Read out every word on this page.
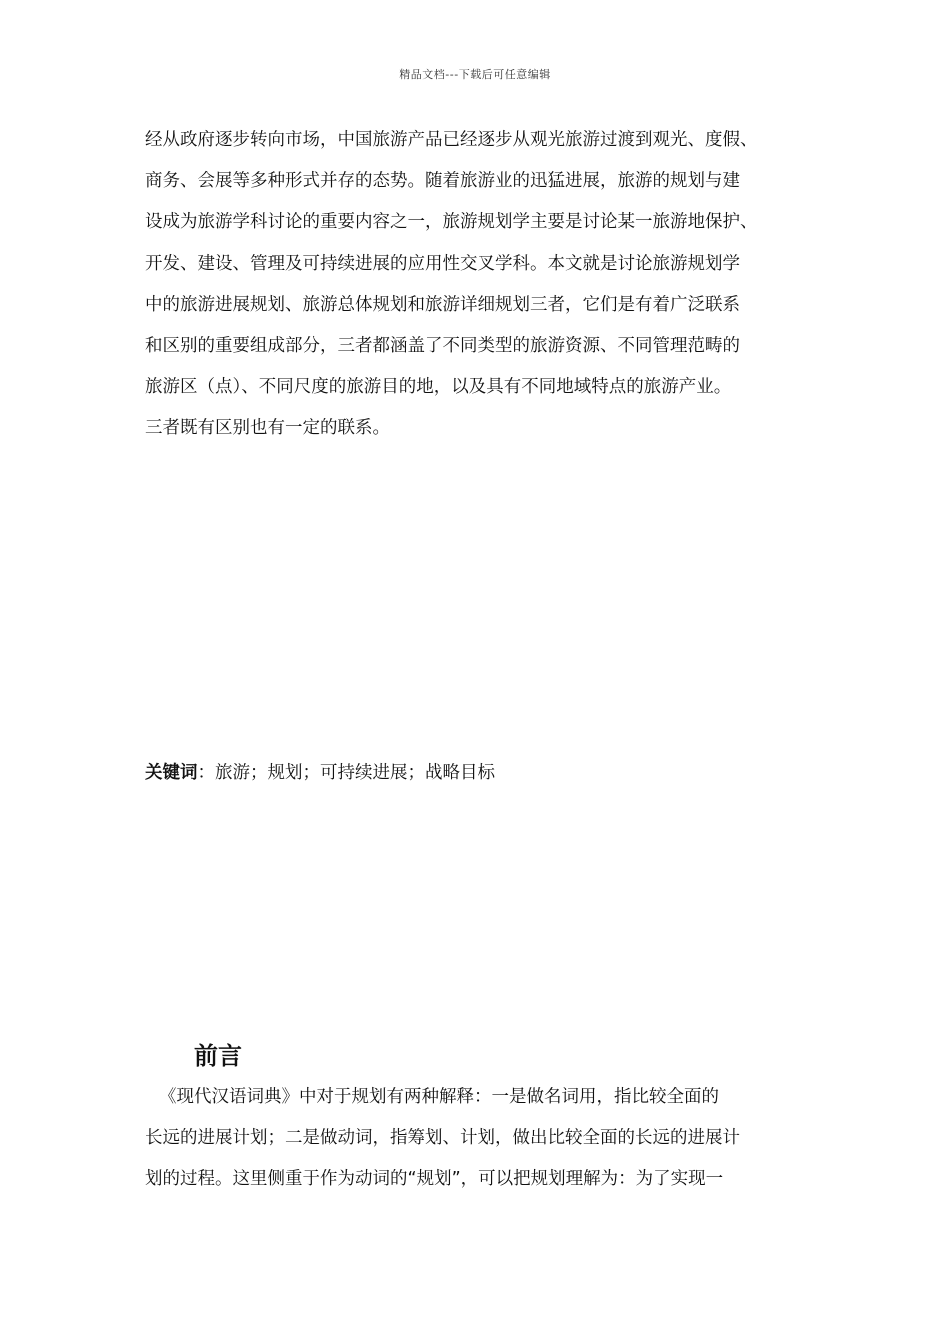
精品文档---下载后可任意编辑
经从政府逐步转向市场，中国旅游产品已经逐步从观光旅游过渡到观光、度假、
商务、会展等多种形式并存的态势。随着旅游业的迅猛进展，旅游的规划与建
设成为旅游学科讨论的重要内容之一，旅游规划学主要是讨论某一旅游地保护、
开发、建设、管理及可持续进展的应用性交叉学科。本文就是讨论旅游规划学
中的旅游进展规划、旅游总体规划和旅游详细规划三者，它们是有着广泛联系
和区别的重要组成部分，三者都涵盖了不同类型的旅游资源、不同管理范畴的
旅游区（点）、不同尺度的旅游目的地，以及具有不同地域特点的旅游产业。
三者既有区别也有一定的联系。
关键词：旅游；规划；可持续进展；战略目标
前言
《现代汉语词典》中对于规划有两种解释：一是做名词用，指比较全面的
长远的进展计划；二是做动词，指筹划、计划，做出比较全面的长远的进展计
划的过程。这里侧重于作为动词的“规划”，可以把规划理解为：为了实现一
